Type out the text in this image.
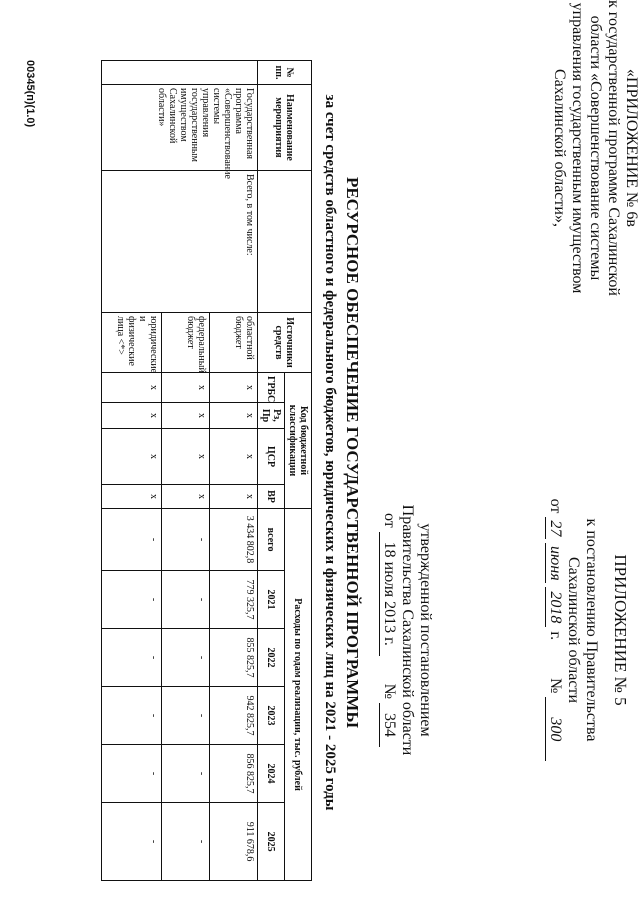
ПРИЛОЖЕНИЕ № 5
к постановлению Правительства
Сахалинской области
от 27 июня 2018 г.  № 300
«ПРИЛОЖЕНИЕ № 6в
к государственной программе Сахалинской
области «Совершенствование системы
управления государственным имуществом
Сахалинской области»,
утвержденной постановлением
Правительства Сахалинской области
от 18 июля 2013 г.  № 354
РЕСУРСНОЕ ОБЕСПЕЧЕНИЕ ГОСУДАРСТВЕННОЙ ПРОГРАММЫ
за счет средств областного и федерального бюджетов, юридических и физических лиц на 2021 - 2025 годы
№ пп.	Наименование мероприятия		Источники средств	Код бюджетной классификации				Расходы по годам реализации, тыс. рублей					
				ГРБС	Рз, Пр	ЦСР	ВР	всего	2021	2022	2023	2024	2025
	Государственная программа «Совершенствование системы управления государственным имуществом Сахалинской области»	Всего, в том числе:	областной бюджет	x	x	x	x	3 434 802,8	779 325,7	855 825,7	942 825,7	856 825,7	911 678,6
			федеральный бюджет	x	x	x	x	-	-	-	-	-	-
			юридические и физические лица <*>	x	x	x	x	-	-	-	-	-	-
00345(п)(1.0)
